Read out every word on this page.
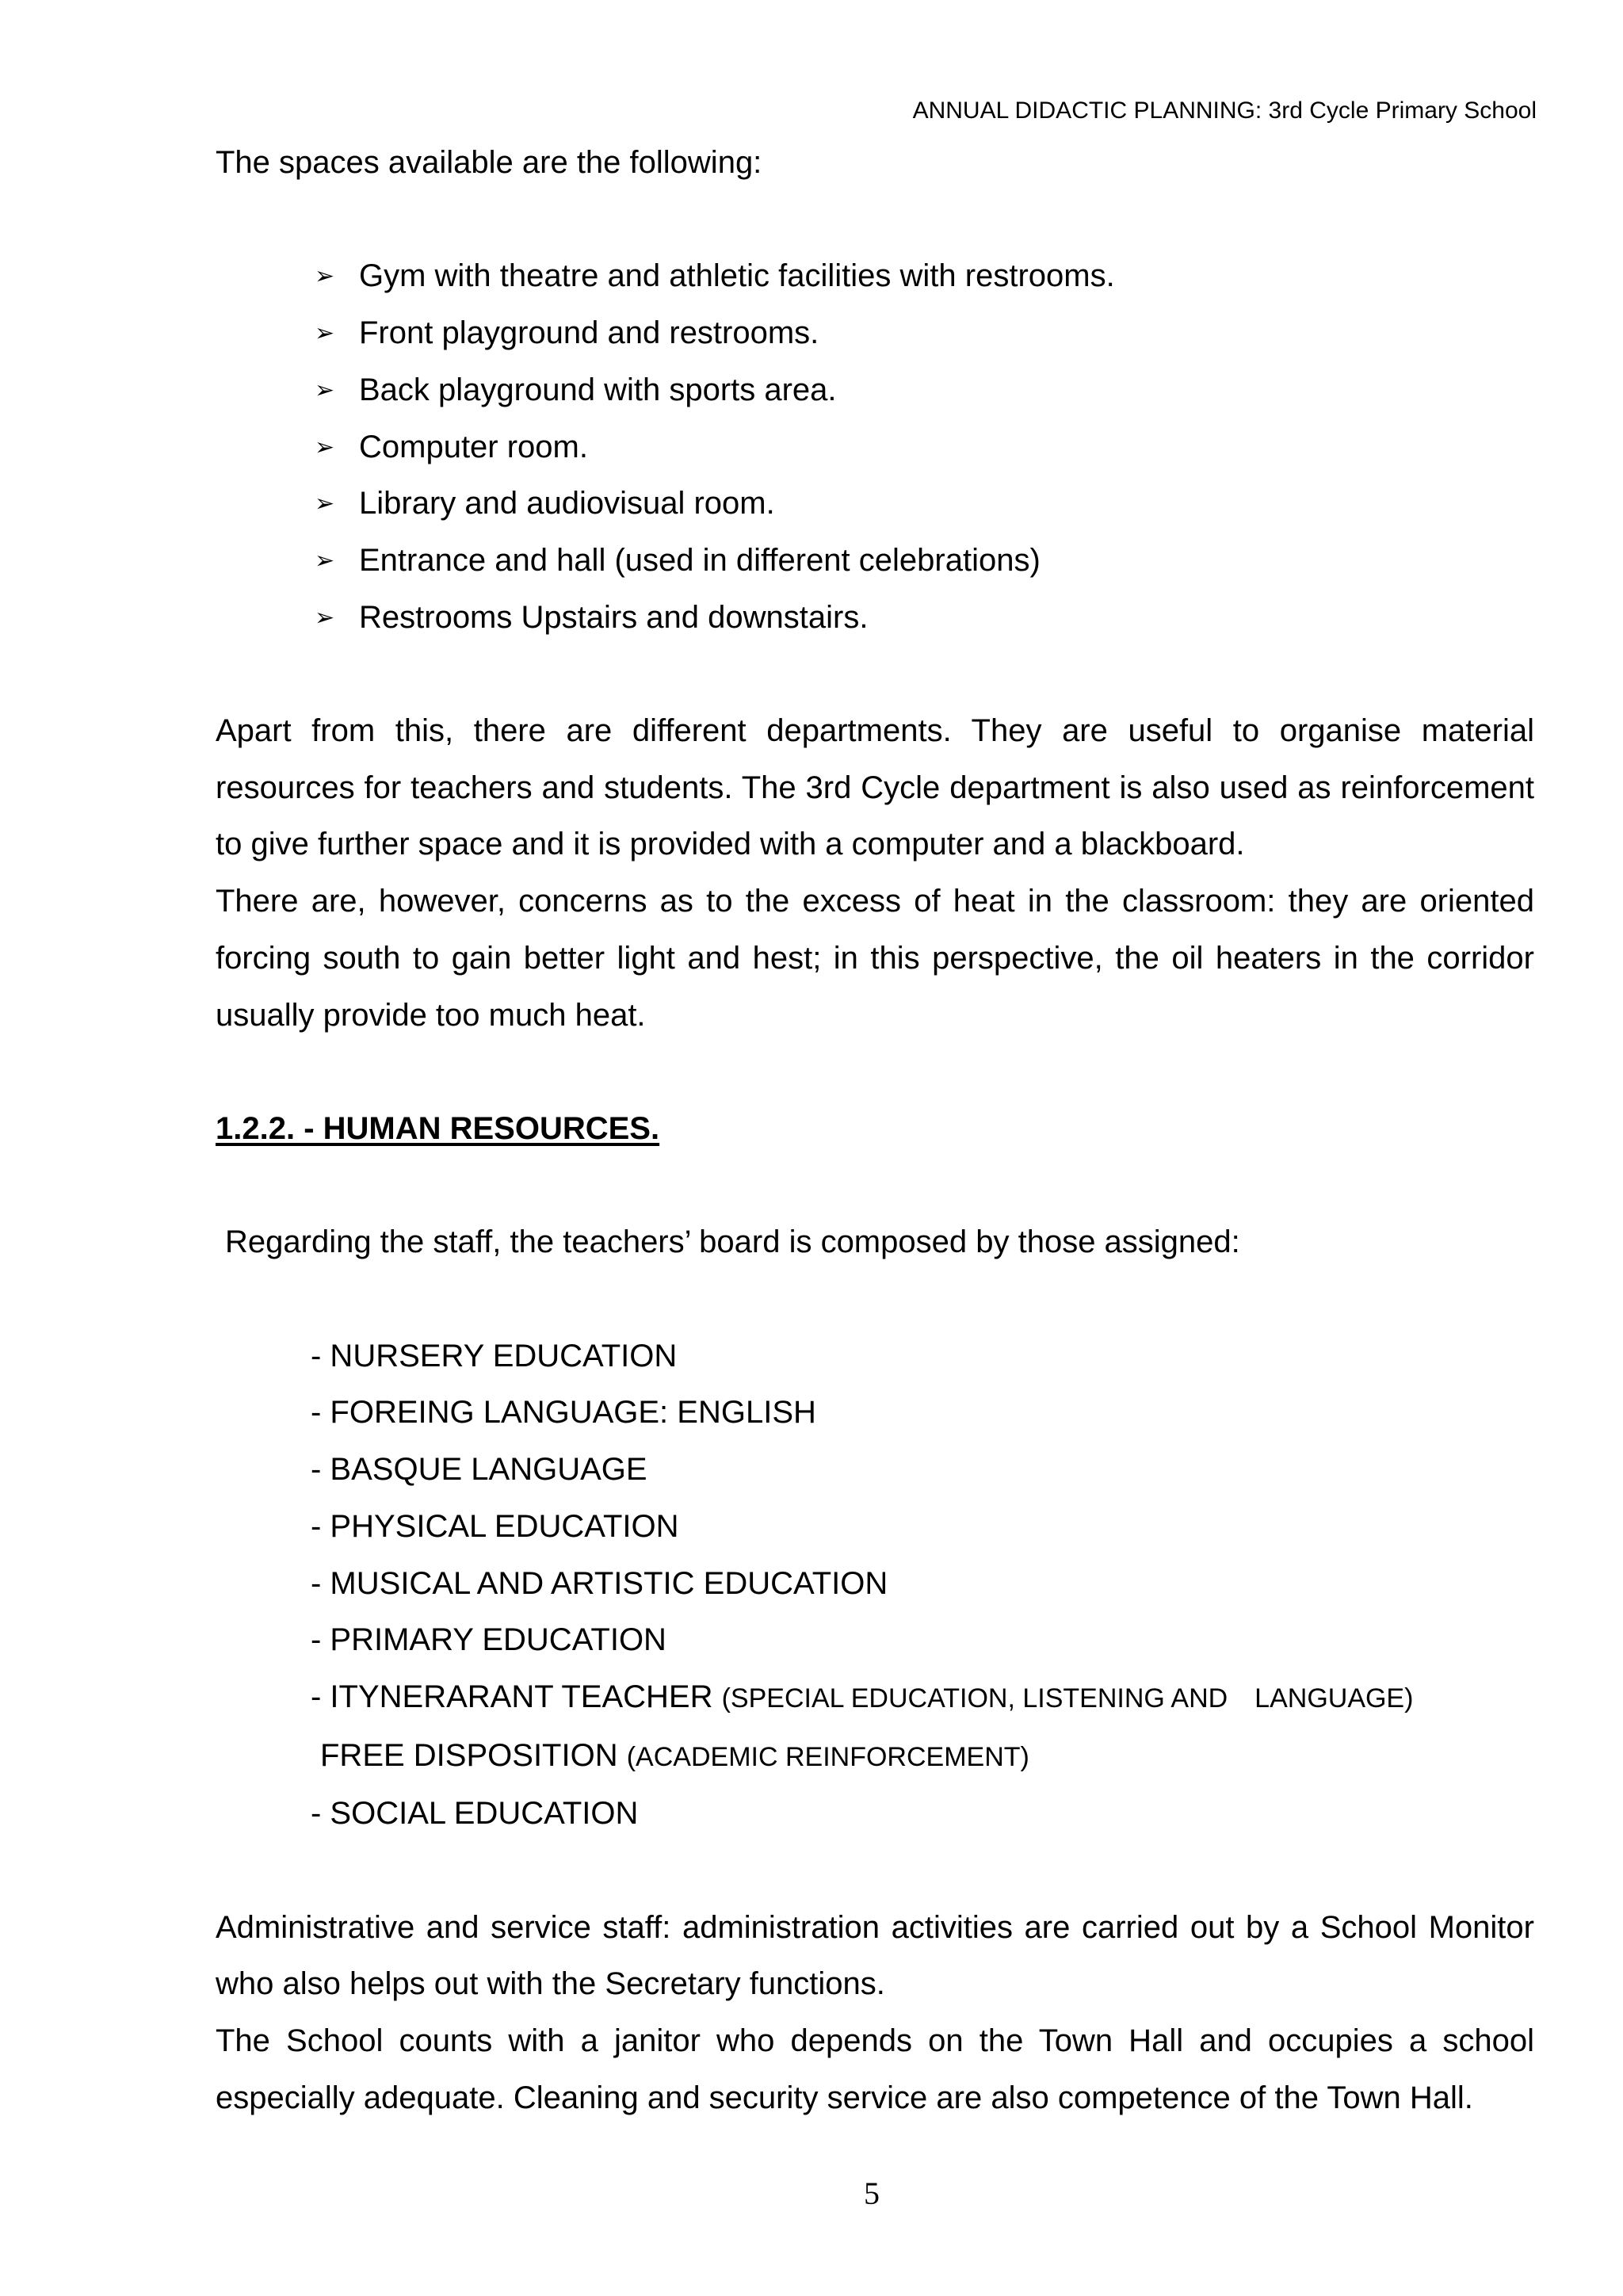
ANNUAL DIDACTIC PLANNING: 3rd Cycle Primary School

The spaces available are the following:

➢ Gym with theatre and athletic facilities with restrooms.
➢ Front playground and restrooms.
➢ Back playground with sports area.
➢ Computer room.
➢ Library and audiovisual room.
➢ Entrance and hall (used in different celebrations)
➢ Restrooms Upstairs and downstairs.

Apart from this, there are different departments. They are useful to organise material resources for teachers and students. The 3rd Cycle department is also used as reinforcement to give further space and it is provided with a computer and a blackboard.

There are, however, concerns as to the excess of heat in the classroom: they are oriented forcing south to gain better light and hest; in this perspective, the oil heaters in the corridor usually provide too much heat.

1.2.2. - HUMAN RESOURCES.

Regarding the staff, the teachers’ board is composed by those assigned:

- NURSERY EDUCATION
- FOREING LANGUAGE: ENGLISH
- BASQUE LANGUAGE
- PHYSICAL EDUCATION
- MUSICAL AND ARTISTIC EDUCATION
- PRIMARY EDUCATION
- ITYNERARANT TEACHER (SPECIAL EDUCATION, LISTENING AND LANGUAGE)
FREE DISPOSITION (ACADEMIC REINFORCEMENT)
- SOCIAL EDUCATION

Administrative and service staff: administration activities are carried out by a School Monitor who also helps out with the Secretary functions.

The School counts with a janitor who depends on the Town Hall and occupies a school especially adequate. Cleaning and security service are also competence of the Town Hall.

5
